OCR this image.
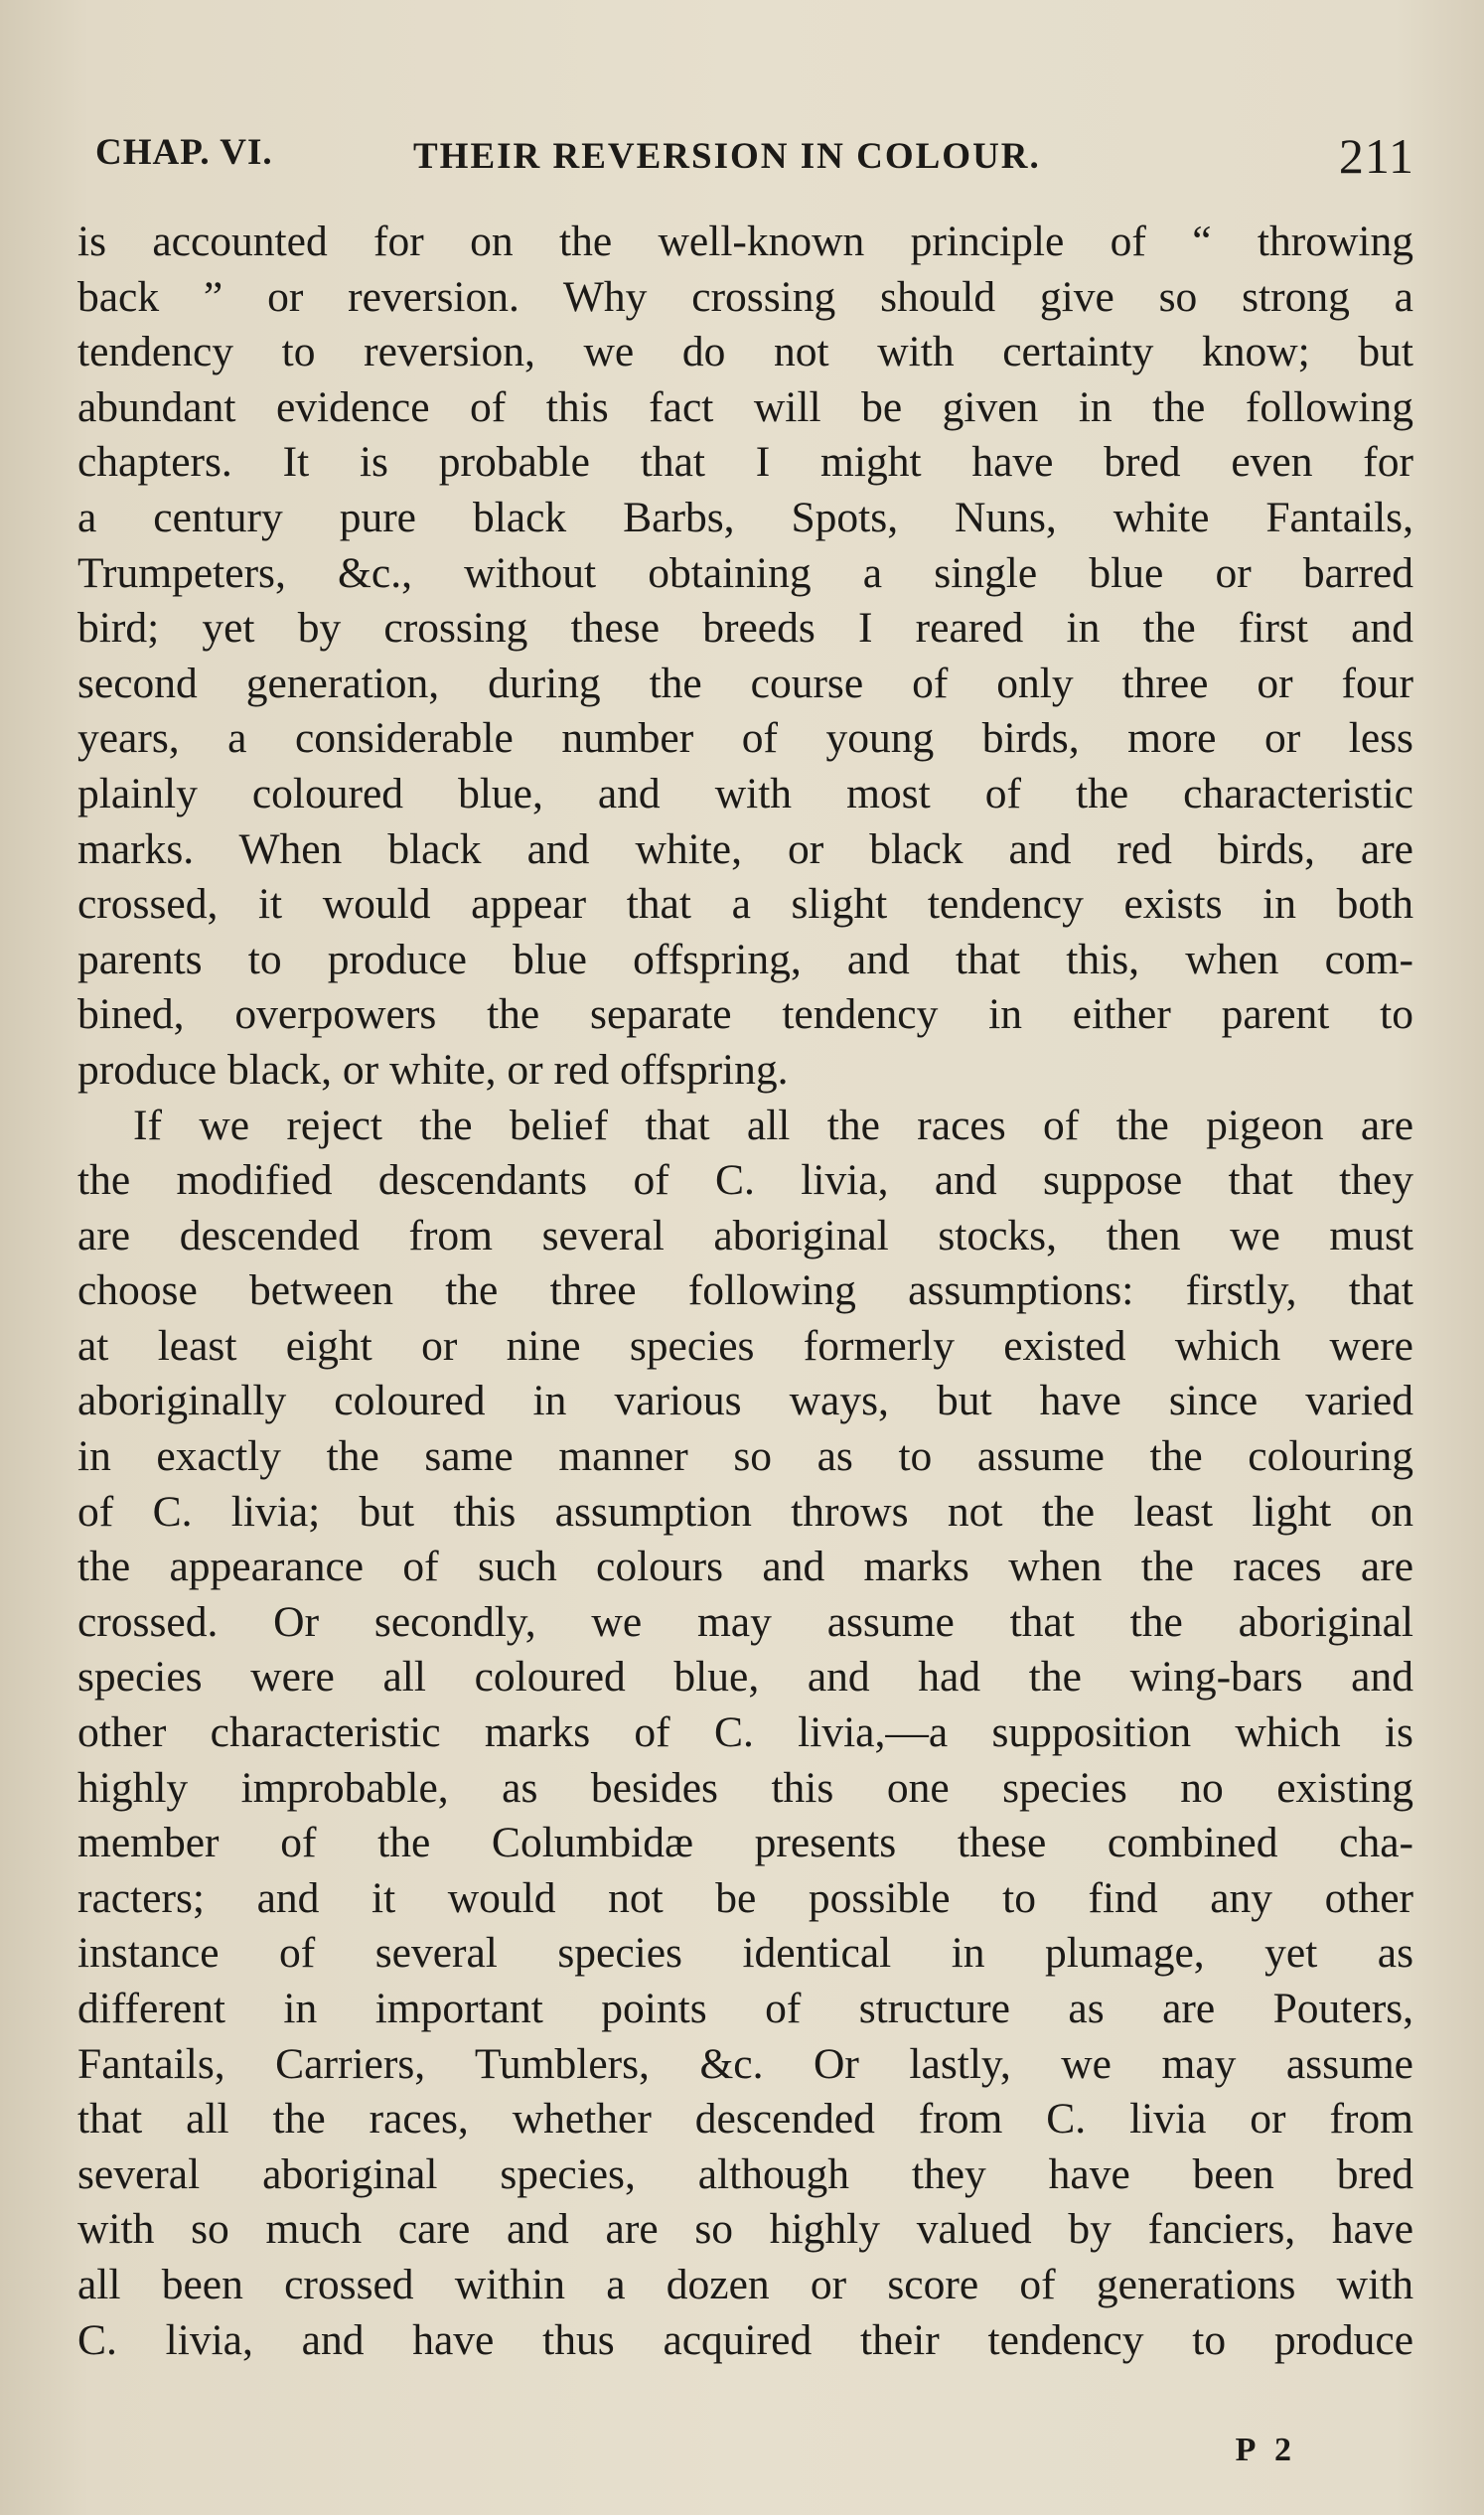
CHAP. VI.	THEIR REVERSION IN COLOUR.	211
is accounted for on the well-known principle of “ throwing
back ” or reversion. Why crossing should give so strong a
tendency to reversion, we do not with certainty know; but
abundant evidence of this fact will be given in the following
chapters. It is probable that I might have bred even for
a century pure black Barbs, Spots, Nuns, white Fantails,
Trumpeters, &c., without obtaining a single blue or barred
bird; yet by crossing these breeds I reared in the first and
second generation, during the course of only three or four
years, a considerable number of young birds, more or less
plainly coloured blue, and with most of the characteristic
marks. When black and white, or black and red birds, are
crossed, it would appear that a slight tendency exists in both
parents to produce blue offspring, and that this, when com-
bined, overpowers the separate tendency in either parent to
produce black, or white, or red offspring.
If we reject the belief that all the races of the pigeon are
the modified descendants of C. livia, and suppose that they
are descended from several aboriginal stocks, then we must
choose between the three following assumptions: firstly, that
at least eight or nine species formerly existed which were
aboriginally coloured in various ways, but have since varied
in exactly the same manner so as to assume the colouring
of C. livia; but this assumption throws not the least light on
the appearance of such colours and marks when the races are
crossed. Or secondly, we may assume that the aboriginal
species were all coloured blue, and had the wing-bars and
other characteristic marks of C. livia,—a supposition which is
highly improbable, as besides this one species no existing
member of the Columbidæ presents these combined cha-
racters; and it would not be possible to find any other
instance of several species identical in plumage, yet as
different in important points of structure as are Pouters,
Fantails, Carriers, Tumblers, &c. Or lastly, we may assume
that all the races, whether descended from C. livia or from
several aboriginal species, although they have been bred
with so much care and are so highly valued by fanciers, have
all been crossed within a dozen or score of generations with
C. livia, and have thus acquired their tendency to produce
P 2
